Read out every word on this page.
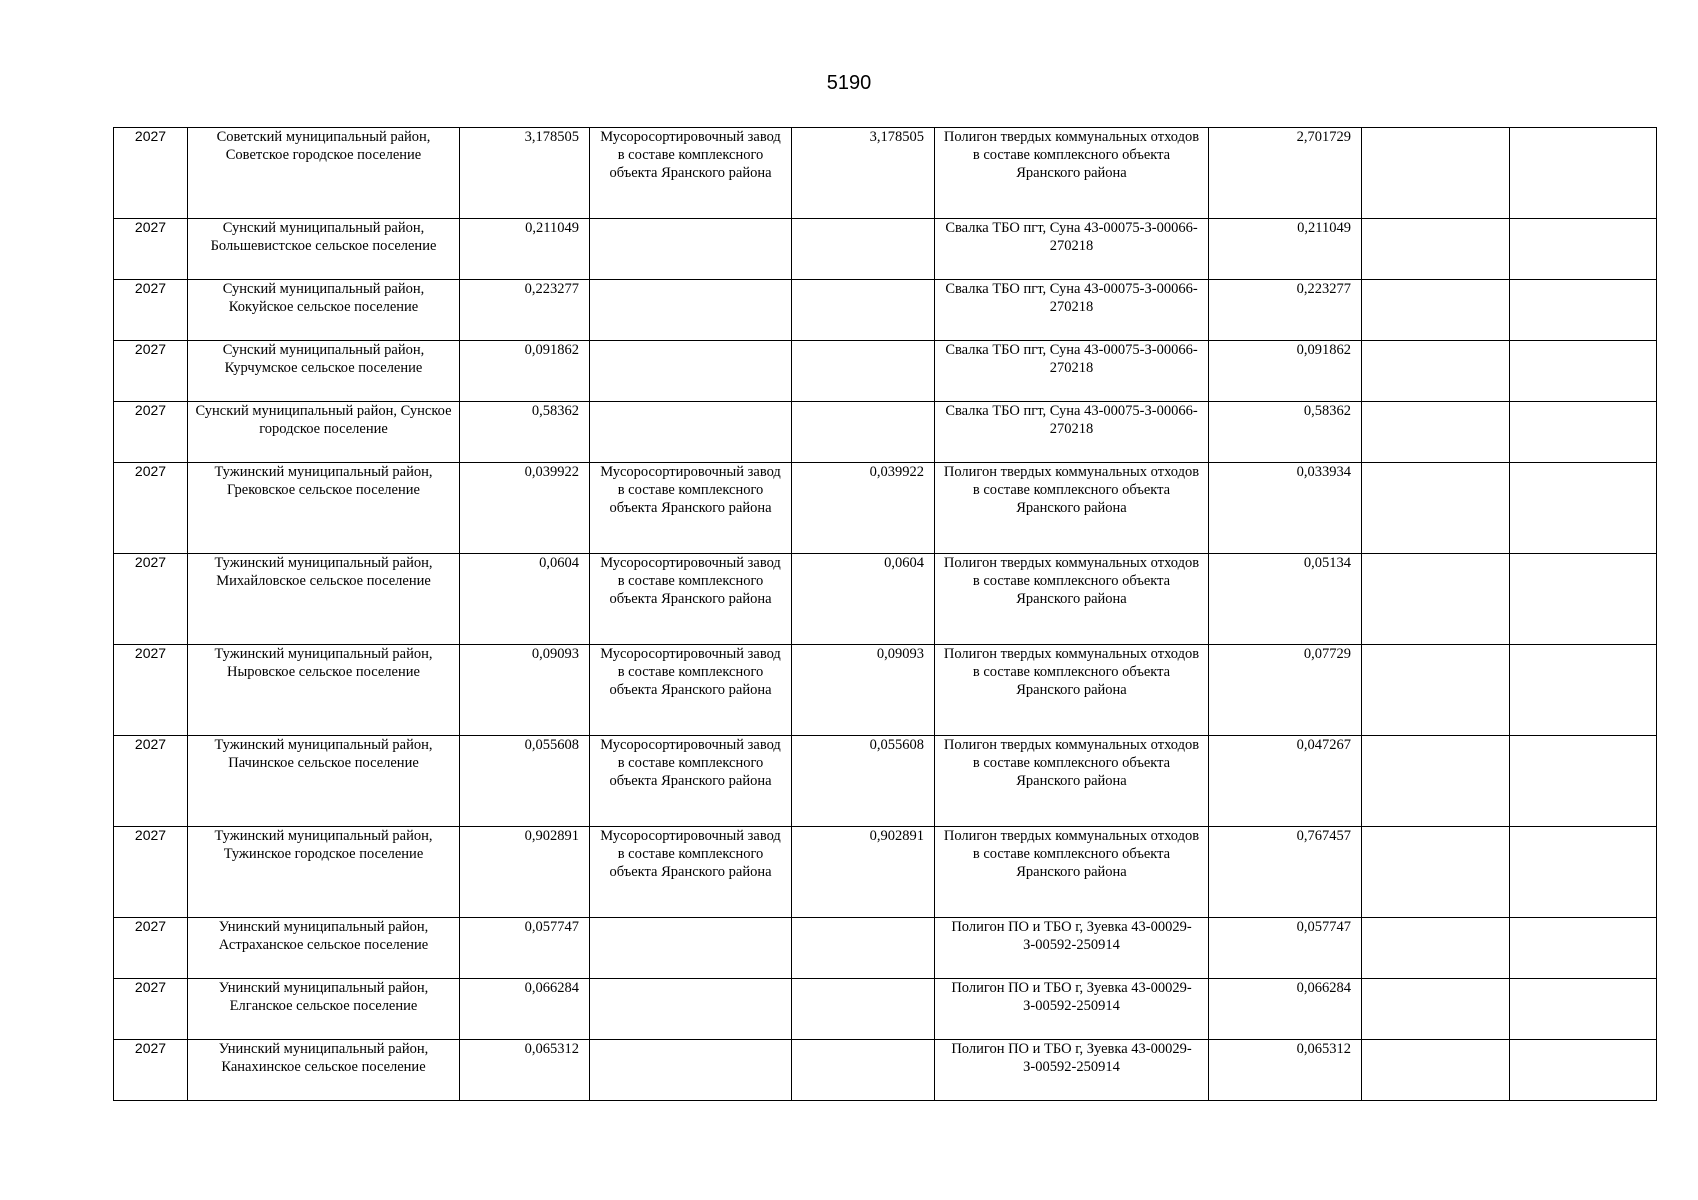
5190
2027	Советский муниципальный район, Советское городское поселение	3,178505	Мусоросортировочный завод в составе комплексного объекта Яранского района	3,178505	Полигон твердых коммунальных отходов в составе комплексного объекта Яранского района	2,701729		

2027	Сунский муниципальный район, Большевистское сельское поселение	0,211049			Свалка ТБО пгт, Суна 43-00075-З-00066-270218	0,211049		

2027	Сунский муниципальный район, Кокуйское сельское поселение	0,223277			Свалка ТБО пгт, Суна 43-00075-З-00066-270218	0,223277		

2027	Сунский муниципальный район, Курчумское сельское поселение	0,091862			Свалка ТБО пгт, Суна 43-00075-З-00066-270218	0,091862		

2027	Сунский муниципальный район, Сунское городское поселение	0,58362			Свалка ТБО пгт, Суна 43-00075-З-00066-270218	0,58362		

2027	Тужинский муниципальный район, Грековское сельское поселение	0,039922	Мусоросортировочный завод в составе комплексного объекта Яранского района	0,039922	Полигон твердых коммунальных отходов в составе комплексного объекта Яранского района	0,033934		

2027	Тужинский муниципальный район, Михайловское сельское поселение	0,0604	Мусоросортировочный завод в составе комплексного объекта Яранского района	0,0604	Полигон твердых коммунальных отходов в составе комплексного объекта Яранского района	0,05134		

2027	Тужинский муниципальный район, Ныровское сельское поселение	0,09093	Мусоросортировочный завод в составе комплексного объекта Яранского района	0,09093	Полигон твердых коммунальных отходов в составе комплексного объекта Яранского района	0,07729		

2027	Тужинский муниципальный район, Пачинское сельское поселение	0,055608	Мусоросортировочный завод в составе комплексного объекта Яранского района	0,055608	Полигон твердых коммунальных отходов в составе комплексного объекта Яранского района	0,047267		

2027	Тужинский муниципальный район, Тужинское городское поселение	0,902891	Мусоросортировочный завод в составе комплексного объекта Яранского района	0,902891	Полигон твердых коммунальных отходов в составе комплексного объекта Яранского района	0,767457		

2027	Унинский муниципальный район, Астраханское сельское поселение	0,057747			Полигон ПО и ТБО г, Зуевка 43-00029-З-00592-250914	0,057747		

2027	Унинский муниципальный район, Елганское сельское поселение	0,066284			Полигон ПО и ТБО г, Зуевка 43-00029-З-00592-250914	0,066284		

2027	Унинский муниципальный район, Канахинское сельское поселение	0,065312			Полигон ПО и ТБО г, Зуевка 43-00029-З-00592-250914	0,065312		
